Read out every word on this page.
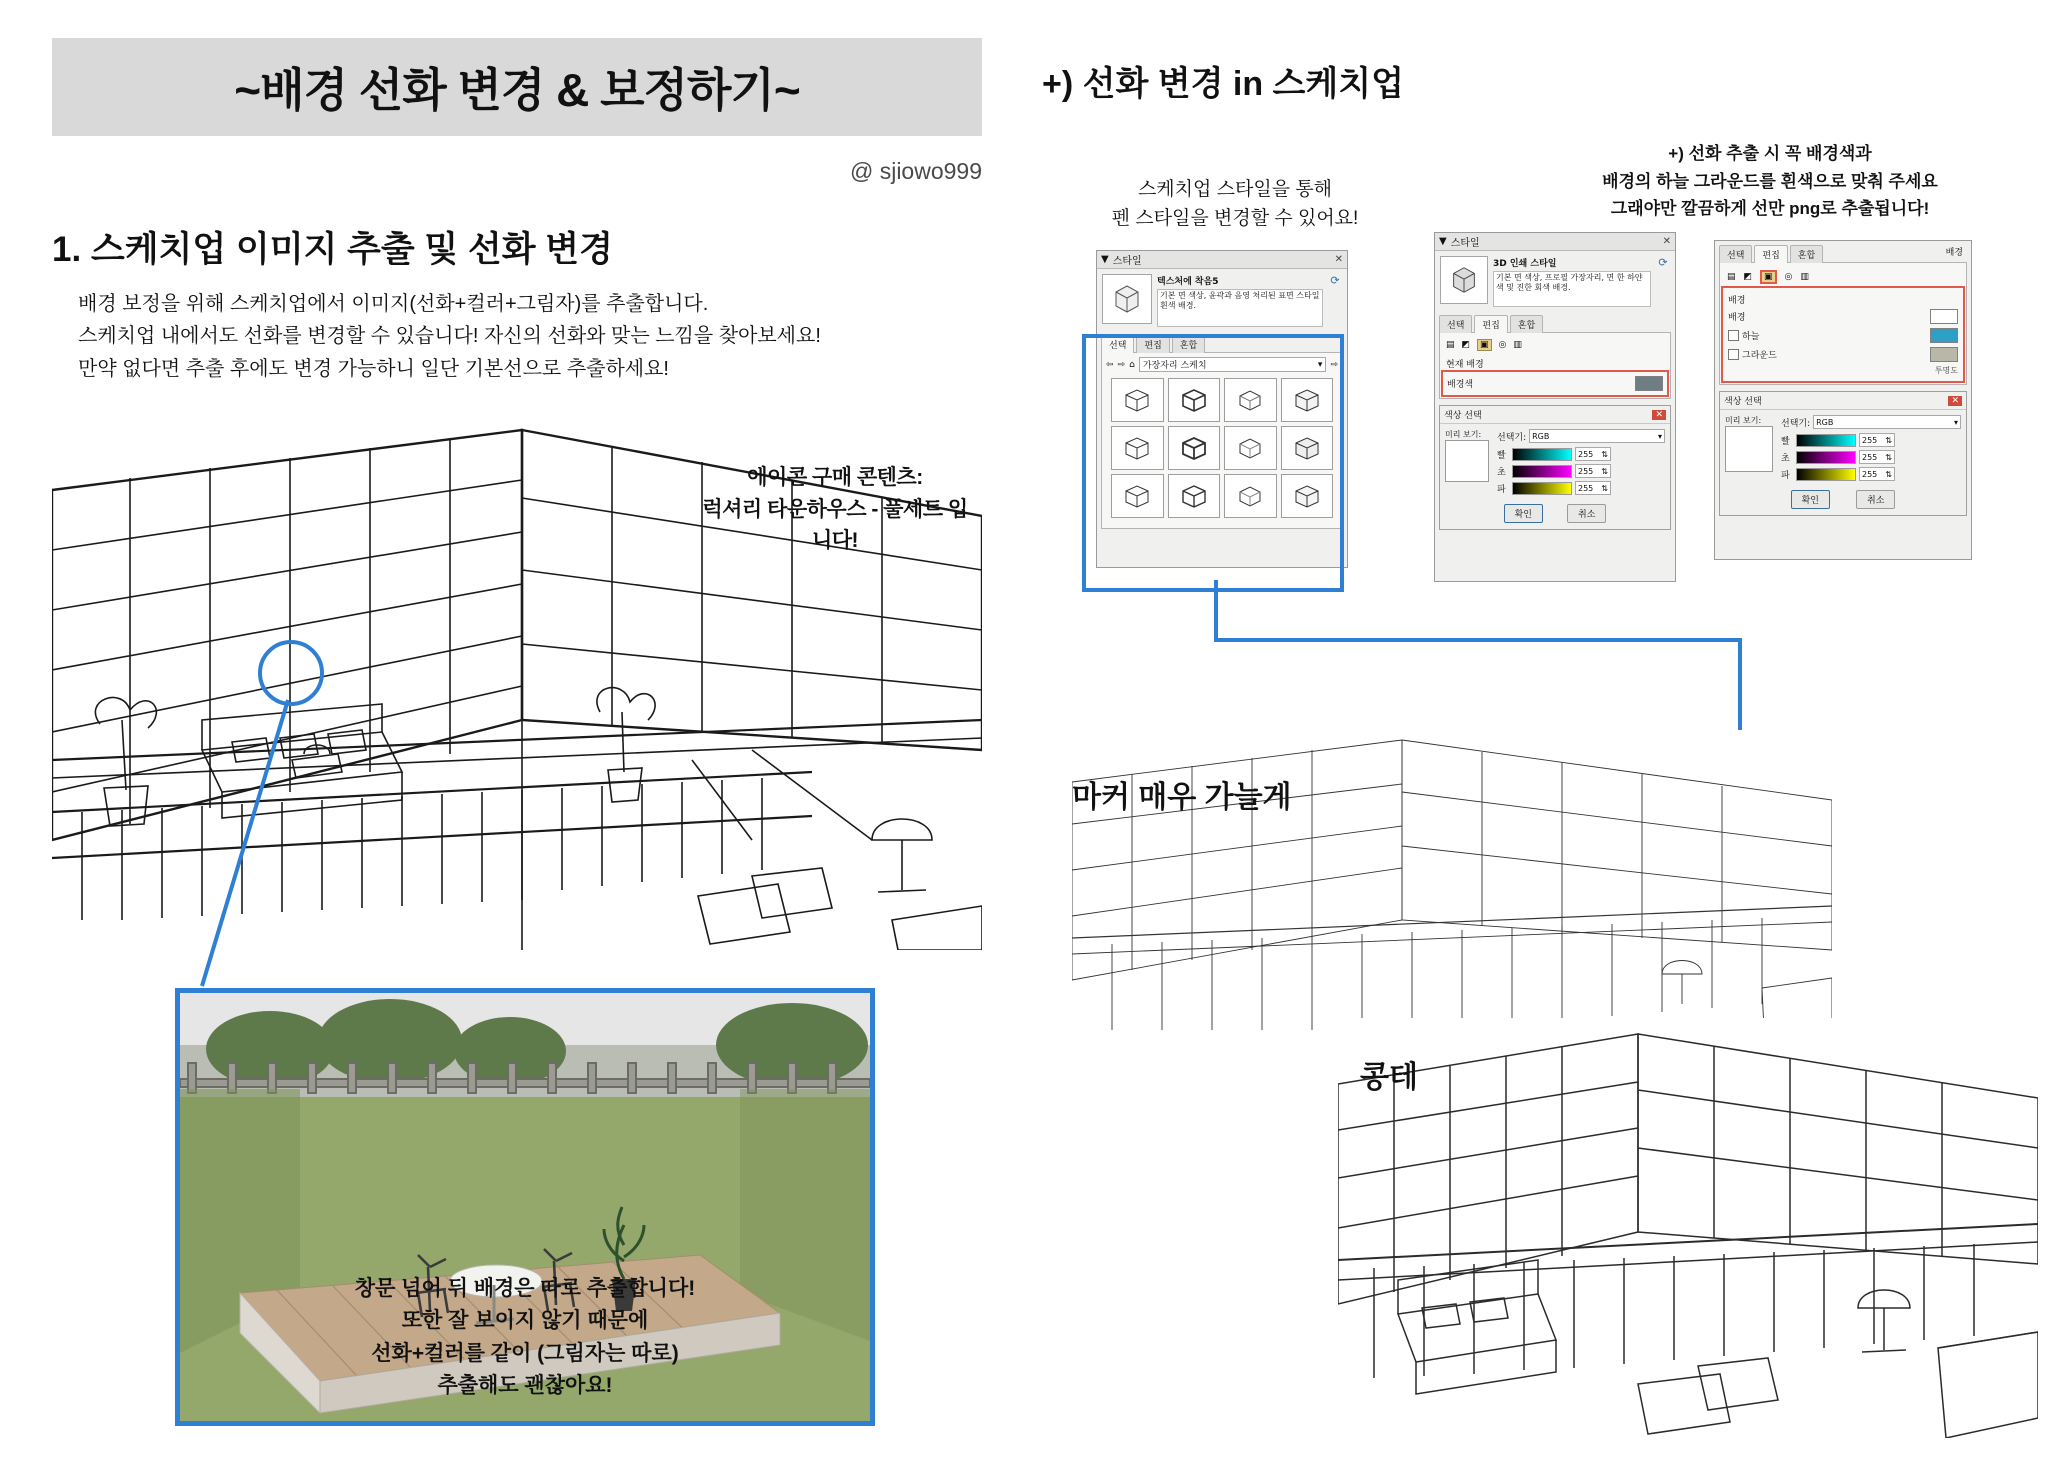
~배경 선화 변경 & 보정하기~
@ sjiowo999
1. 스케치업 이미지 추출 및 선화 변경
배경 보정을 위해 스케치업에서 이미지(선화+컬러+그림자)를 추출합니다.
스케치업 내에서도 선화를 변경할 수 있습니다! 자신의 선화와 맞는 느낌을 찾아보세요!
만약 없다면 추출 후에도 변경 가능하니 일단 기본선으로 추출하세요!
에이콘 구매 콘텐츠:
럭셔리 타운하우스 - 풀세트 입니다!
창문 넘어 뒤 배경은 따로 추출합니다!
또한 잘 보이지 않기 때문에
선화+컬러를 같이 (그림자는 따로)
추출해도 괜찮아요!
+) 선화 변경 in 스케치업
스케치업 스타일을 통해
펜 스타일을 변경할 수 있어요!
+) 선화 추출 시 꼭 배경색과
배경의 하늘 그라운드를 흰색으로 맞춰 주세요
그래야만 깔끔하게 선만 png로 추출됩니다!
▼ 스타일	✕
텍스처에 착음5
기본 면 색상, 윤곽과 음영 처리된 표면 스타일 흰색 배경.
⟳
선택	편집	혼합
⇦ ⇨ ⌂ 가장자리 스케치	▾ ⇨
▼ 스타일	✕
3D 인쇄 스타일
기본 면 색상, 프로필 가장자리, 면 한 하얀색 및 진한 회색 배경.
⟳
선택	편집	혼합
▤ ◩	▣	◎ ▥
현재 배경
배경색
색상 선택	✕
미리 보기:	선택기: RGB	▾
빨	255 ⇅
초	255 ⇅
파	255 ⇅
확인	취소
선택	편집	혼합	배경
▤ ◩	▣	◎ ▥
배경
배경
하늘
그라운드
투명도
색상 선택	✕
미리 보기:	선택기: RGB	▾
빨	255 ⇅
초	255 ⇅
파	255 ⇅
확인	취소
마커 매우 가늘게
콩테
